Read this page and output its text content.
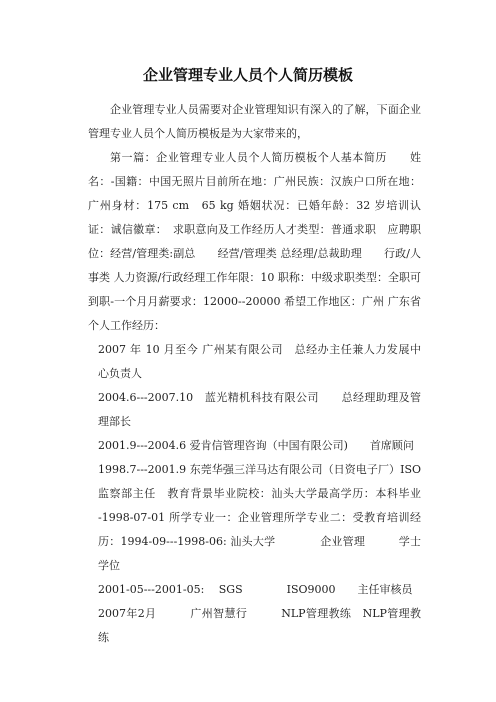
企业管理专业人员个人简历模板

企业管理专业人员需要对企业管理知识有深入的了解，下面企业管理专业人员个人简历模板是为大家带来的，

第一篇：企业管理专业人员个人简历模板个人基本简历　　姓名：-国籍：中国无照片目前所在地：广州民族：汉族户口所在地：广州身材：175 cm　65 kg 婚姻状况：已婚年龄：32 岁培训认证：诚信徽章：　求职意向及工作经历人才类型：普通求职　应聘职位：经营/管理类:副总　　经营/管理类 总经理/总裁助理　　行政/人事类 人力资源/行政经理工作年限：10 职称：中级求职类型：全职可到职-一个月月薪要求：12000--20000 希望工作地区：广州 广东省个人工作经历：

2007 年 10 月至今 广州某有限公司　总经办主任兼人力发展中 心负责人

2004.6---2007.10　蓝光精机科技有限公司　　总经理助理及管理部长

2001.9---2004.6 爱肯信管理咨询（中国有限公司)　　首席顾问

1998.7---2001.9 东莞华强三洋马达有限公司（日资电子厂）ISO 监察部主任　教育背景毕业院校：汕头大学最高学历：本科毕业 -1998-07-01 所学专业一：企业管理所学专业二：受教育培训经历：1994-09---1998-06: 汕头大学　　　　企业管理　　　学士学位

2001-05---2001-05:　 SGS　　　　ISO9000　　主任审核员

2007年2月　　　广州智慧行　　　NLP管理教练　NLP管理教练
